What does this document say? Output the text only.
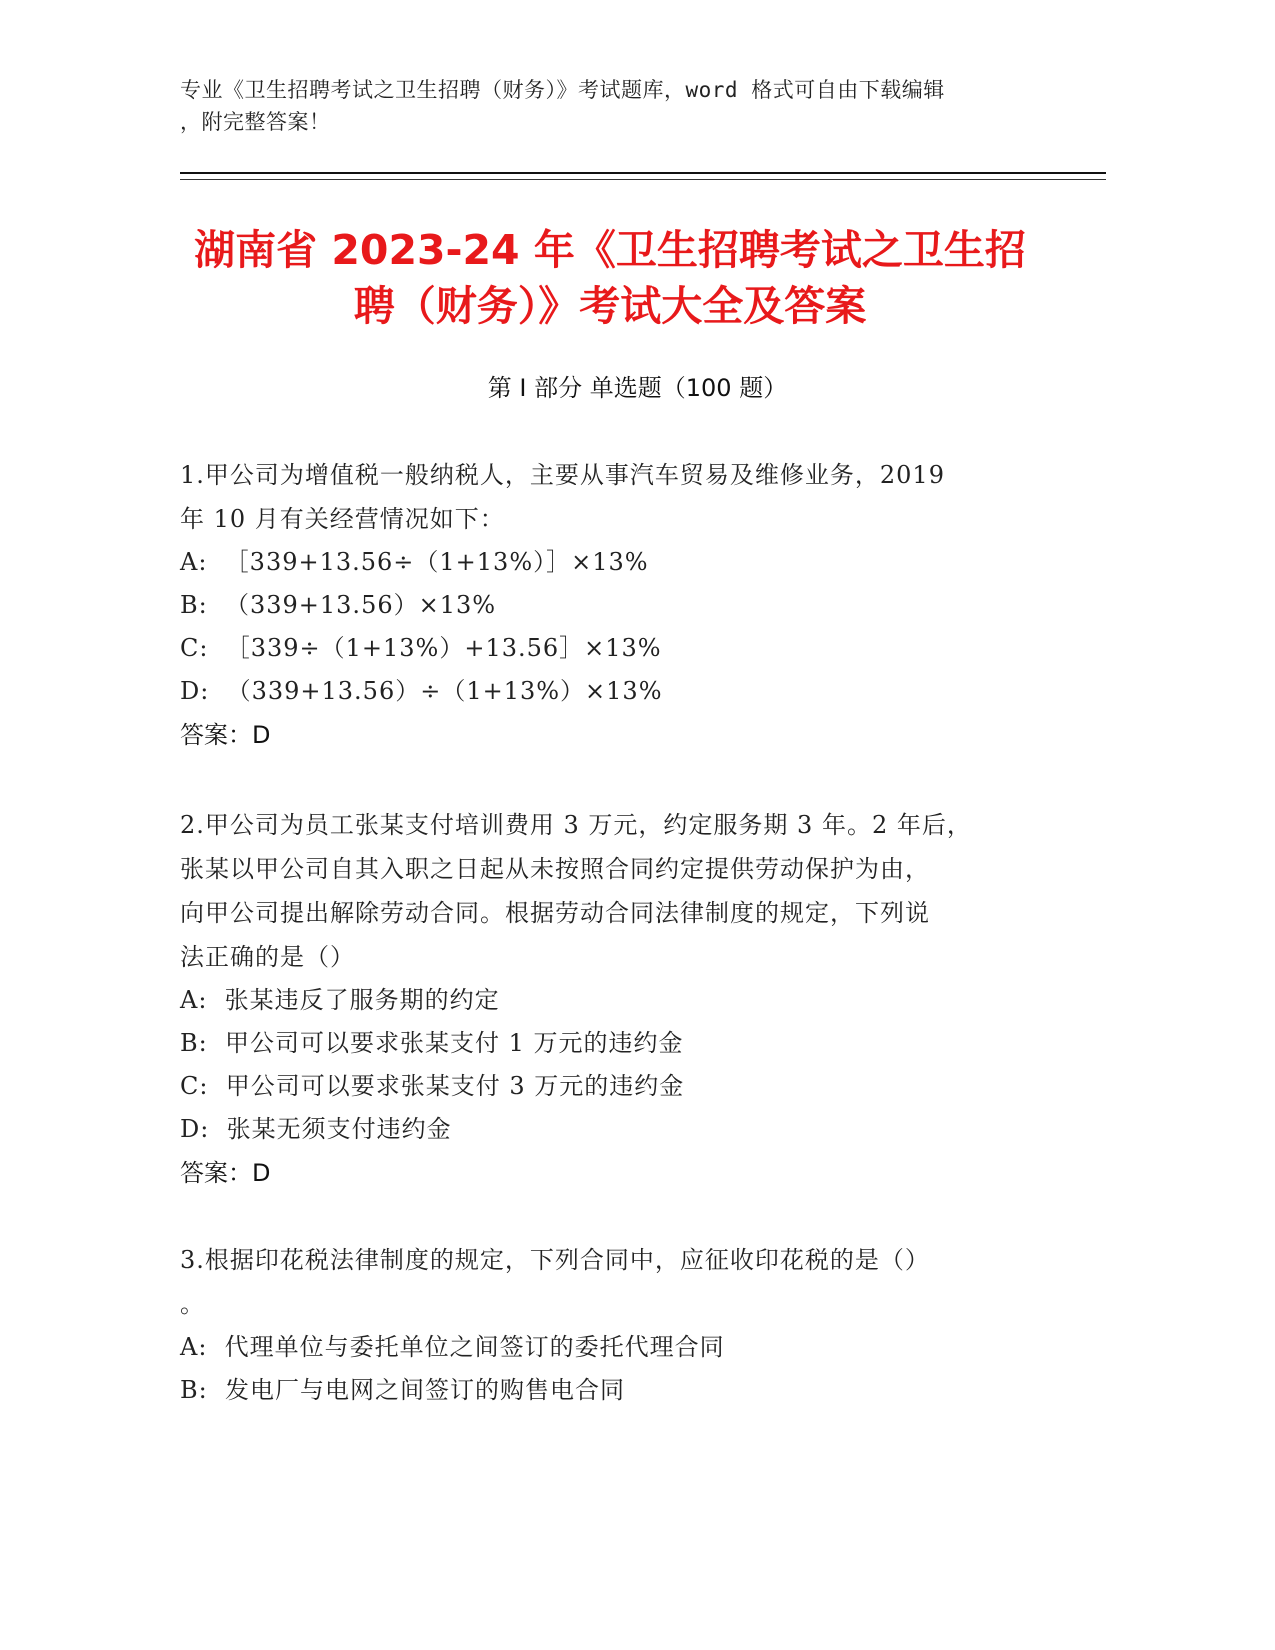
专业《卫生招聘考试之卫生招聘（财务）》考试题库，word 格式可自由下载编辑
，附完整答案！
湖南省 2023-24 年《卫生招聘考试之卫生招
聘（财务）》考试大全及答案
第 I 部分 单选题（100 题）

1.甲公司为增值税一般纳税人，主要从事汽车贸易及维修业务，2019
年 10 月有关经营情况如下：

A:  ［339+13.56÷（1+13%）］×13%

B:  （339+13.56）×13%

C:  ［339÷（1+13%）+13.56］×13%

D:  （339+13.56）÷（1+13%）×13%

答案：D

2.甲公司为员工张某支付培训费用 3 万元，约定服务期 3 年。2 年后，
张某以甲公司自其入职之日起从未按照合同约定提供劳动保护为由，
向甲公司提出解除劳动合同。根据劳动合同法律制度的规定，下列说
法正确的是（）

A:  张某违反了服务期的约定

B:  甲公司可以要求张某支付 1 万元的违约金

C:  甲公司可以要求张某支付 3 万元的违约金

D:  张某无须支付违约金

答案：D

3.根据印花税法律制度的规定，下列合同中，应征收印花税的是（）
。

A:  代理单位与委托单位之间签订的委托代理合同

B:  发电厂与电网之间签订的购售电合同
